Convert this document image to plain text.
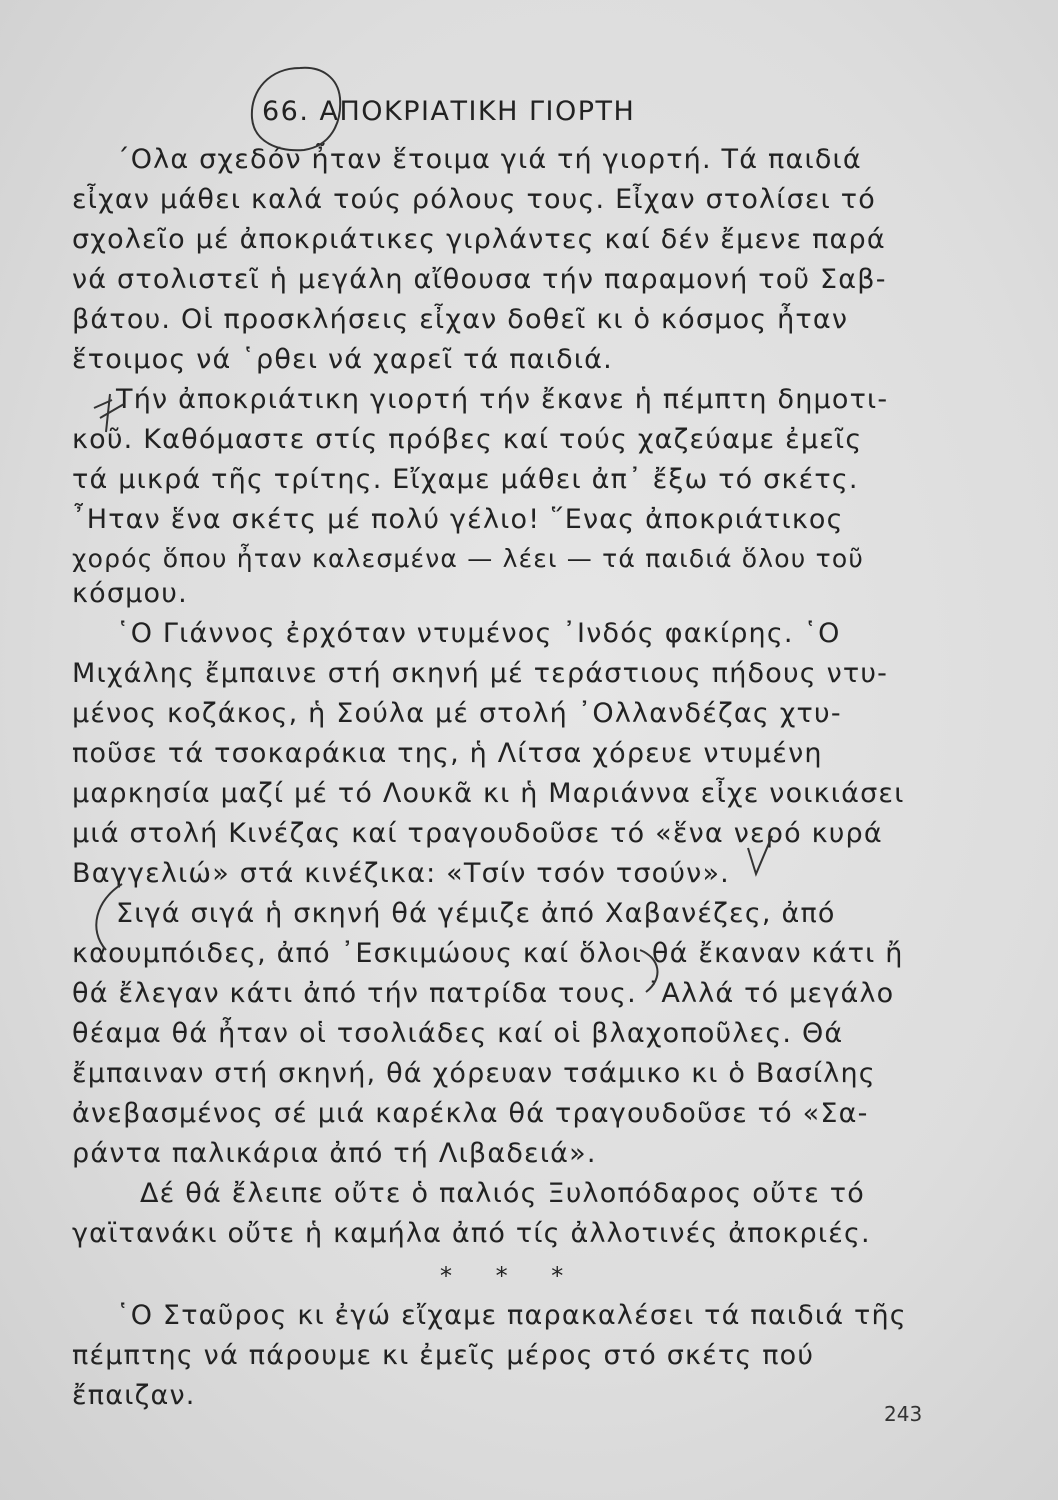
66. ΑΠΟΚΡΙΑΤΙΚΗ ΓΙΟΡΤΗ
΄Ολα σχεδόν ἦταν ἕτοιμα γιά τή γιορτή. Τά παιδιά
εἶχαν μάθει καλά τούς ρόλους τους. Εἶχαν στολίσει τό
σχολεῖο μέ ἀποκριάτικες γιρλάντες καί δέν ἔμενε παρά
νά στολιστεῖ ἡ μεγάλη αἴθουσα τήν παραμονή τοῦ Σαβ-
βάτου. Οἱ προσκλήσεις εἶχαν δοθεῖ κι ὁ κόσμος ἦταν
ἕτοιμος νά ῾ρθει νά χαρεῖ τά παιδιά.
Τήν ἀποκριάτικη γιορτή τήν ἔκανε ἡ πέμπτη δημοτι-
κοῦ. Καθόμαστε στίς πρόβες καί τούς χαζεύαμε ἐμεῖς
τά μικρά τῆς τρίτης. Εἴχαμε μάθει ἀπ᾽ ἔξω τό σκέτς.
῏Ηταν ἕνα σκέτς μέ πολύ γέλιο! ῞Ενας ἀποκριάτικος
χορός ὅπου ἦταν καλεσμένα — λέει — τά παιδιά ὅλου τοῦ
κόσμου.
῾Ο Γιάννος ἐρχόταν ντυμένος ᾿Ινδός φακίρης. ῾Ο
Μιχάλης ἔμπαινε στή σκηνή μέ τεράστιους πήδους ντυ-
μένος κοζάκος, ἡ Σούλα μέ στολή ᾿Ολλανδέζας χτυ-
ποῦσε τά τσοκαράκια της, ἡ Λίτσα χόρευε ντυμένη
μαρκησία μαζί μέ τό Λουκᾶ κι ἡ Μαριάννα εἶχε νοικιάσει
μιά στολή Κινέζας καί τραγουδοῦσε τό «ἕνα νερό κυρά
Βαγγελιώ» στά κινέζικα: «Τσίν τσόν τσούν».
Σιγά σιγά ἡ σκηνή θά γέμιζε ἀπό Χαβανέζες, ἀπό
καουμπόιδες, ἀπό ᾿Εσκιμώους καί ὅλοι θά ἔκαναν κάτι ἤ
θά ἔλεγαν κάτι ἀπό τήν πατρίδα τους. ᾿Αλλά τό μεγάλο
θέαμα θά ἦταν οἱ τσολιάδες καί οἱ βλαχοποῦλες. Θά
ἔμπαιναν στή σκηνή, θά χόρευαν τσάμικο κι ὁ Βασίλης
ἀνεβασμένος σέ μιά καρέκλα θά τραγουδοῦσε τό «Σα-
ράντα παλικάρια ἀπό τή Λιβαδειά».
Δέ θά ἔλειπε οὔτε ὁ παλιός Ξυλοπόδαρος οὔτε τό
γαϊτανάκι οὔτε ἡ καμήλα ἀπό τίς ἀλλοτινές ἀποκριές.
῾Ο Σταῦρος κι ἐγώ εἴχαμε παρακαλέσει τά παιδιά τῆς
πέμπτης νά πάρουμε κι ἐμεῖς μέρος στό σκέτς πού
ἔπαιζαν.
* * *
243
